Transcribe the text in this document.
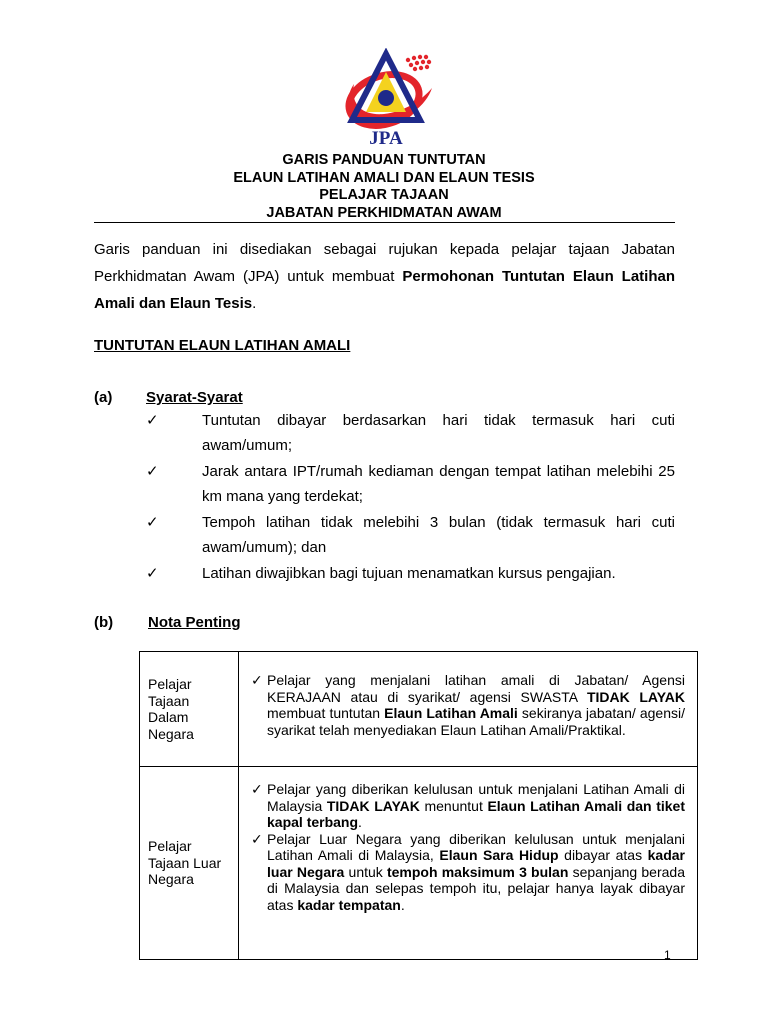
JPA
GARIS PANDUAN TUNTUTAN
ELAUN LATIHAN AMALI DAN ELAUN TESIS
PELAJAR TAJAAN
JABATAN PERKHIDMATAN AWAM

Garis panduan ini disediakan sebagai rujukan kepada pelajar tajaan Jabatan Perkhidmatan Awam (JPA) untuk membuat Permohonan Tuntutan Elaun Latihan Amali dan Elaun Tesis.

TUNTUTAN ELAUN LATIHAN AMALI
(a) Syarat-Syarat
✓	Tuntutan dibayar berdasarkan hari tidak termasuk hari cuti awam/umum;
✓	Jarak antara IPT/rumah kediaman dengan tempat latihan melebihi 25 km mana yang terdekat;
✓	Tempoh latihan tidak melebihi 3 bulan (tidak termasuk hari cuti awam/umum); dan
✓	Latihan diwajibkan bagi tujuan menamatkan kursus pengajian.
(b) Nota Penting
Pelajar Tajaan Dalam Negara	✓ Pelajar yang menjalani latihan amali di Jabatan/ Agensi KERAJAAN atau di syarikat/ agensi SWASTA TIDAK LAYAK membuat tuntutan Elaun Latihan Amali sekiranya jabatan/ agensi/ syarikat telah menyediakan Elaun Latihan Amali/Praktikal.

Pelajar Tajaan Luar Negara	✓ Pelajar yang diberikan kelulusan untuk menjalani Latihan Amali di Malaysia TIDAK LAYAK menuntut Elaun Latihan Amali dan tiket kapal terbang.
✓ Pelajar Luar Negara yang diberikan kelulusan untuk menjalani Latihan Amali di Malaysia, Elaun Sara Hidup dibayar atas kadar luar Negara untuk tempoh maksimum 3 bulan sepanjang berada di Malaysia dan selepas tempoh itu, pelajar hanya layak dibayar atas kadar tempatan.
1
